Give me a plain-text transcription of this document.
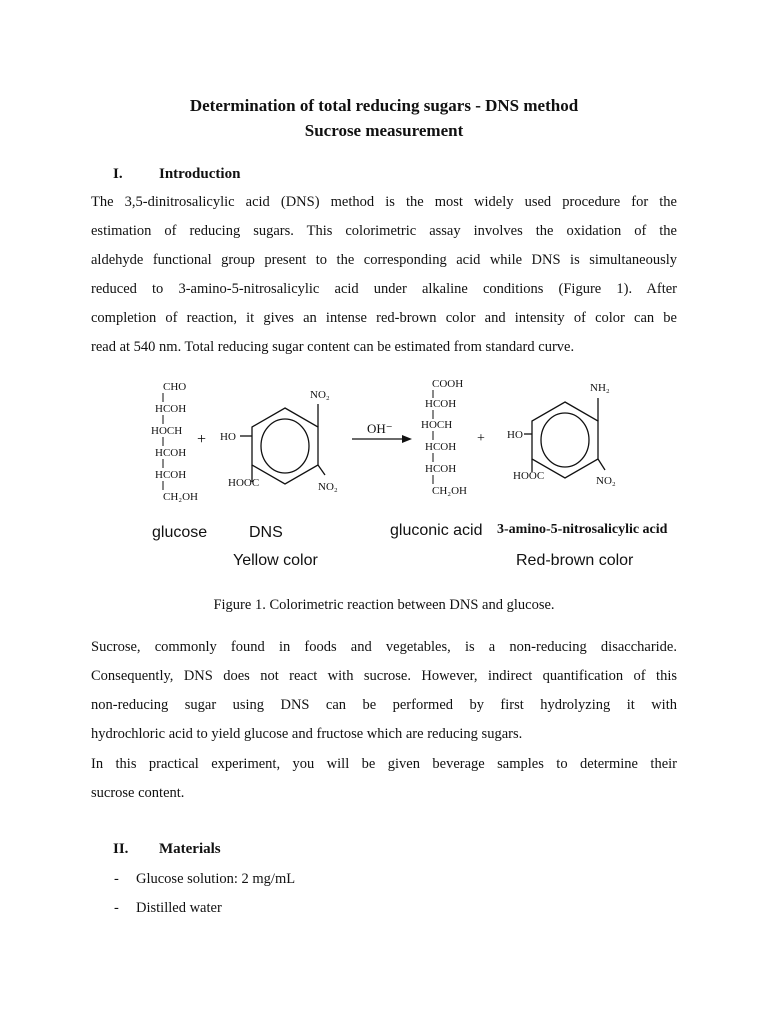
Determination of total reducing sugars - DNS method
Sucrose measurement
I. Introduction
The 3,5-dinitrosalicylic acid (DNS) method is the most widely used procedure for the
estimation of reducing sugars. This colorimetric assay involves the oxidation of the
aldehyde functional group present to the corresponding acid while DNS is simultaneously
reduced to 3-amino-5-nitrosalicylic acid under alkaline conditions (Figure 1). After
completion of reaction, it gives an intense red-brown color and intensity of color can be
read at 540 nm. Total reducing sugar content can be estimated from standard curve.
CHO
HCOH
HOCH
HCOH
HCOH
CH₂OH
+
NO₂
HO
HOOC	NO₂
OH⁻
COOH
HCOH
HOCH
HCOH
HCOH
CH₂OH
+
NH₂
HO
HOOC	NO₂
glucose	DNS	gluconic acid 3-amino-5-nitrosalicylic acid
Yellow color	Red-brown color
Figure 1. Colorimetric reaction between DNS and glucose.
Sucrose, commonly found in foods and vegetables, is a non-reducing disaccharide.
Consequently, DNS does not react with sucrose. However, indirect quantification of this
non-reducing sugar using DNS can be performed by first hydrolyzing it with
hydrochloric acid to yield glucose and fructose which are reducing sugars.
In this practical experiment, you will be given beverage samples to determine their
sucrose content.
II. Materials
- Glucose solution: 2 mg/mL
- Distilled water
